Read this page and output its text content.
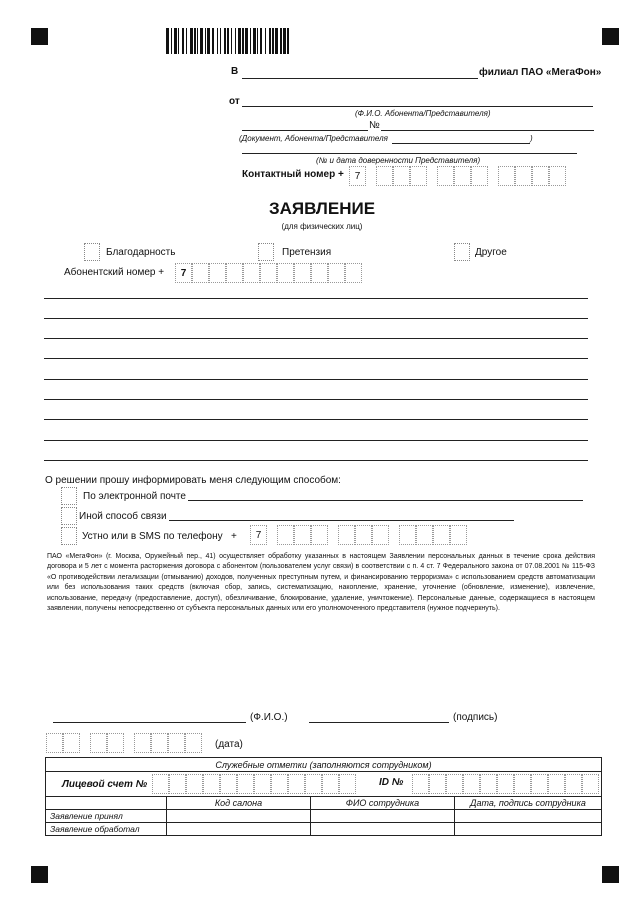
В	филиал ПАО «МегаФон»
от
(Ф.И.О. Абонента/Представителя)
№
(Документ, Абонента/Представителя	)
(№ и дата доверенности Представителя)
Контактный номер +	7
ЗАЯВЛЕНИЕ
(для физических лиц)
Благодарность	Претензия	Другое
Абонентский номер +	7
О решении прошу информировать меня следующим способом:
По электронной почте
Иной способ связи
Устно или в SMS по телефону +	7
ПАО «МегаФон» (г. Москва, Оружейный пер., 41) осуществляет обработку указанных в настоящем Заявлении персональных данных в течение срока действия договора и 5 лет с момента расторжения договора с абонентом (пользователем услуг связи) в соответствии с п. 4 ст. 7 Федерального закона от 07.08.2001 № 115-ФЗ «О противодействии легализации (отмыванию) доходов, полученных преступным путем, и финансированию терроризма» с использованием средств автоматизации или без использования таких средств (включая сбор, запись, систематизацию, накопление, хранение, уточнение (обновление, изменение), извлечение, использование, передачу (предоставление, доступ), обезличивание, блокирование, удаление, уничтожение). Персональные данные, содержащиеся в настоящем заявлении, получены непосредственно от субъекта персональных данных или его уполномоченного представителя (нужное подчеркнуть).
(Ф.И.О.)	(подпись)
(дата)
Служебные отметки (заполняются сотрудником)			
Лицевой счет № ID №			

	Код салона	ФИО сотрудника	Дата, подпись сотрудника
Заявление принял			
Заявление обработал			
